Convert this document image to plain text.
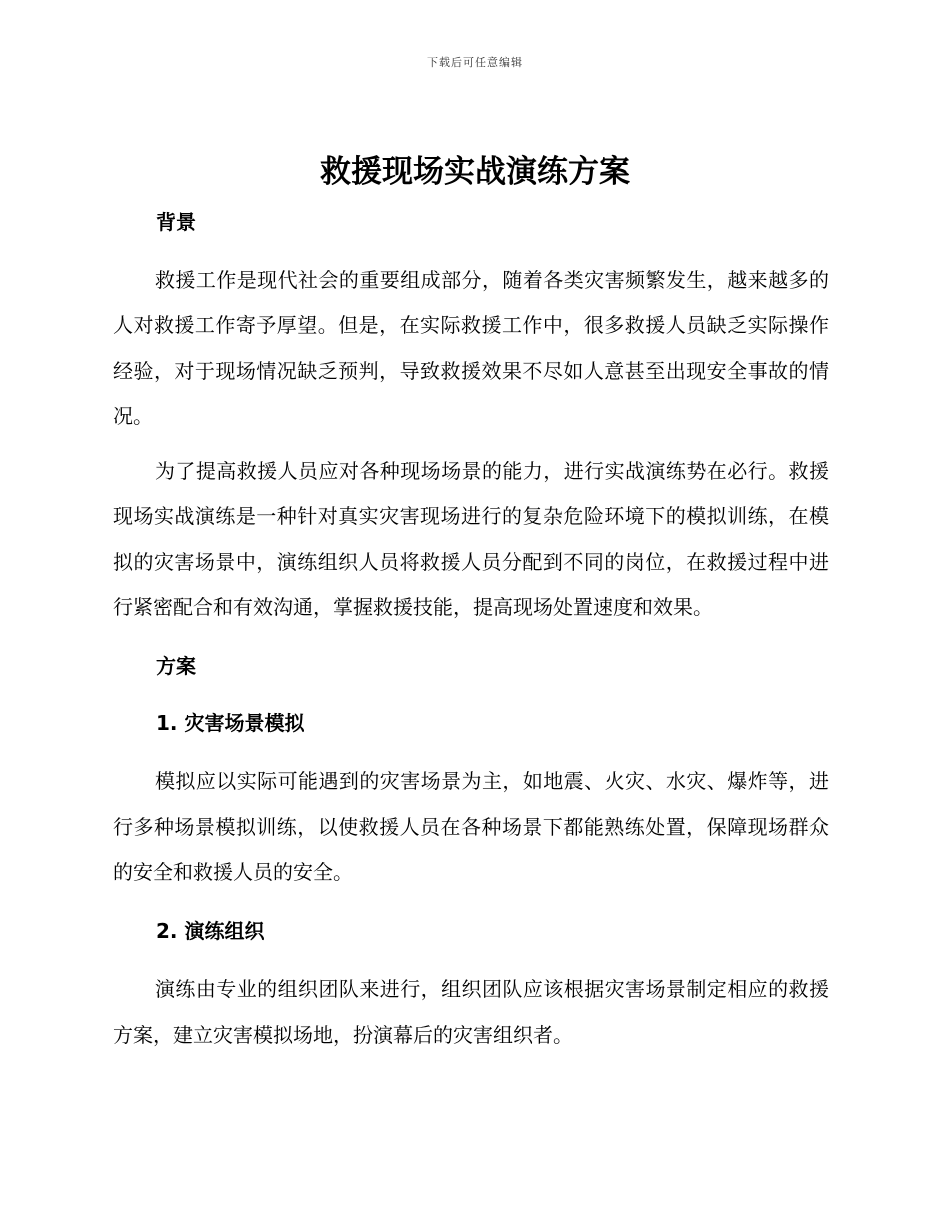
下载后可任意编辑
救援现场实战演练方案

背景

救援工作是现代社会的重要组成部分，随着各类灾害频繁发生，越来越多的人对救援工作寄予厚望。但是，在实际救援工作中，很多救援人员缺乏实际操作经验，对于现场情况缺乏预判，导致救援效果不尽如人意甚至出现安全事故的情况。

为了提高救援人员应对各种现场场景的能力，进行实战演练势在必行。救援现场实战演练是一种针对真实灾害现场进行的复杂危险环境下的模拟训练，在模拟的灾害场景中，演练组织人员将救援人员分配到不同的岗位，在救援过程中进行紧密配合和有效沟通，掌握救援技能，提高现场处置速度和效果。

方案

1. 灾害场景模拟

模拟应以实际可能遇到的灾害场景为主，如地震、火灾、水灾、爆炸等，进行多种场景模拟训练，以使救援人员在各种场景下都能熟练处置，保障现场群众的安全和救援人员的安全。

2. 演练组织

演练由专业的组织团队来进行，组织团队应该根据灾害场景制定相应的救援方案，建立灾害模拟场地，扮演幕后的灾害组织者。
